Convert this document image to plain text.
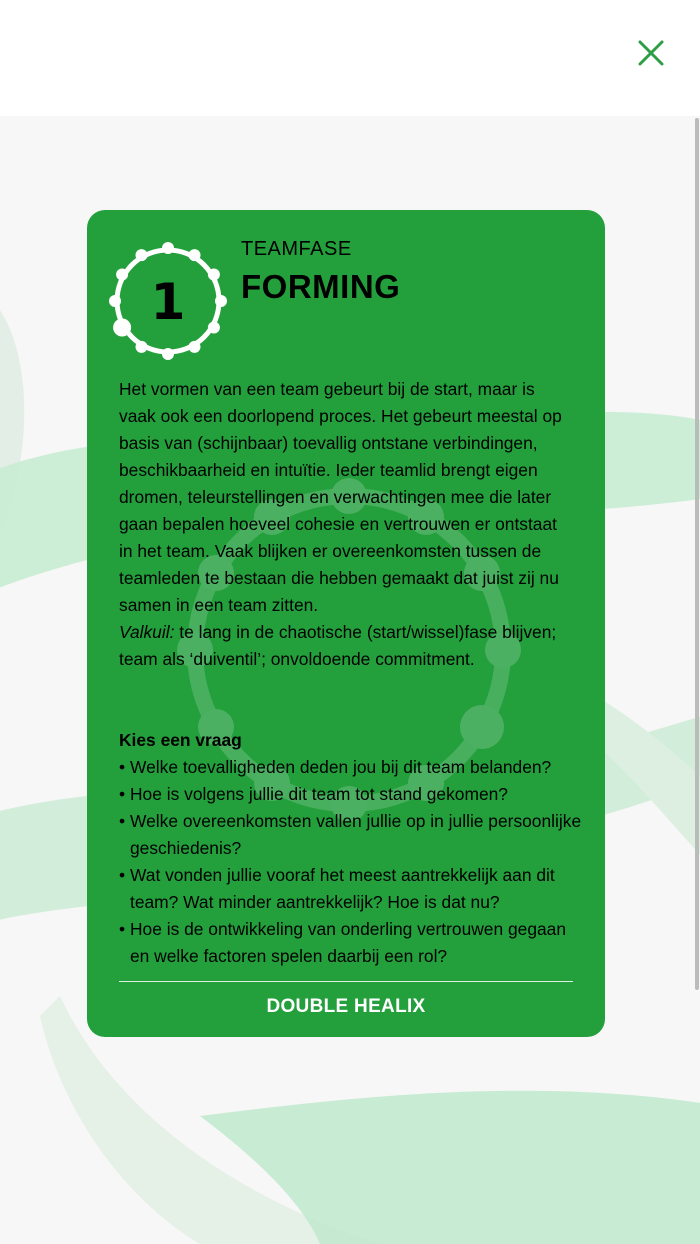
1
TEAMFASE
FORMING

Het vormen van een team gebeurt bij de start, maar is vaak ook een doorlopend proces. Het gebeurt meestal op basis van (schijnbaar) toevallig ontstane verbindingen, beschikbaarheid en intuïtie. Ieder teamlid brengt eigen dromen, teleurstellingen en verwachtingen mee die later gaan bepalen hoeveel cohesie en vertrouwen er ontstaat in het team. Vaak blijken er overeenkomsten tussen de teamleden te bestaan die hebben gemaakt dat juist zij nu samen in een team zitten.

Valkuil: te lang in de chaotische (start/wissel)fase blijven; team als ‘duiventil’; onvoldoende commitment.

Kies een vraag
• Welke toevalligheden deden jou bij dit team belanden?
• Hoe is volgens jullie dit team tot stand gekomen?
• Welke overeenkomsten vallen jullie op in jullie persoonlijke geschiedenis?
• Wat vonden jullie vooraf het meest aantrekkelijk aan dit team? Wat minder aantrekkelijk? Hoe is dat nu?
• Hoe is de ontwikkeling van onderling vertrouwen gegaan en welke factoren spelen daarbij een rol?
DOUBLE HEALIX
